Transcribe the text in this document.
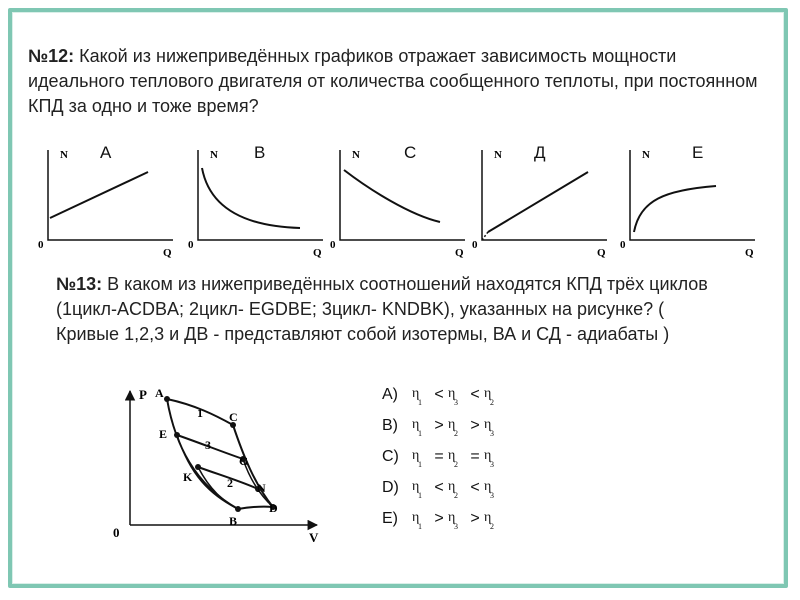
№12: Какой из нижеприведённых графиков отражает зависимость мощности идеального теплового двигателя от количества сообщенного теплоты, при постоянном КПД за одно и тоже время?
N
Q
0
А	N
Q
0
В	N
Q
0
С	N
Q
0
Д	N
Q
0
Е
№13: В каком из нижеприведённых соотношений находятся КПД трёх циклов (1цикл-ACDBA; 2цикл- EGDBE; 3цикл- KNDBK), указанных на рисунке? ( Кривые 1,2,3 и ДВ - представляют собой изотермы, ВА и СД - адиабаты )
P
V
0
A
C
E
G
K
N
D
B
1
3
2
A)	η
1 < η
3 < η
2
B)	η
1 > η
2 > η
3
C) η
1 = η
2 = η
3
D) η
1 < η
2 < η
3
E)	η
1 > η
3 > η
2
